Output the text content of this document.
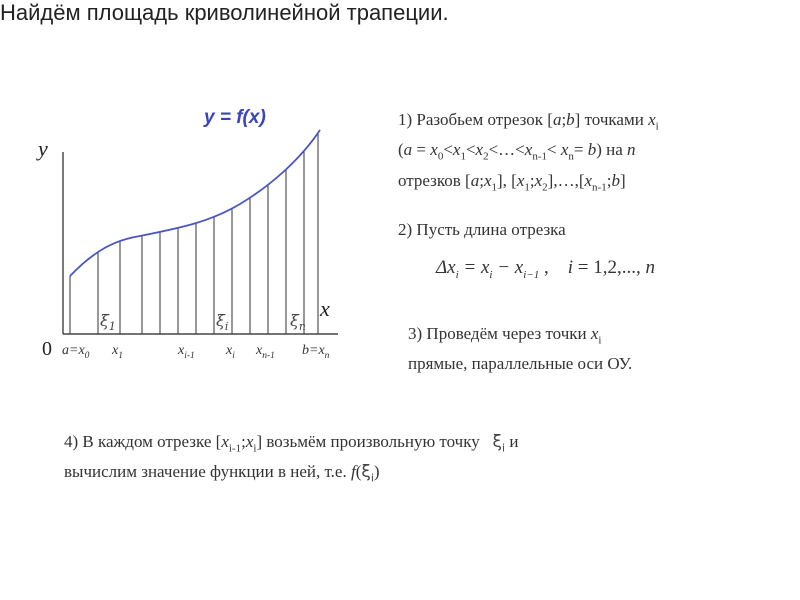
Найдём площадь криволинейной трапеции.
y = f(x)
y
x
0 $a=x_0$ $x_1$	$x_{i-1}$ $x_i$ $x_{n-1}$ $b=x_n$
$\xi_1$	$\xi_i$	$\xi_n$
1) Разобьем отрезок [a;b] точками $x_i$
$(a = x_0<x_1<x_2<\dots<x_{n-1}< x_n= b)$ на n
отрезков $[a;x_1]$, $[x_1;x_2],\dots,[x_{n-1};b]$
2) Пусть длина отрезка
$\Delta x_i = x_i - x_{i-1}$ , i = 1,2,..., n
3) Проведём через точки $x_i$
прямые, параллельные оси ОУ.
4) В каждом отрезке $[x_{i-1};x_i]$ возьмём произвольную точку   $\xi_i$ и
вычислим значение функции в ней, т.е. $f(\xi_i)$
